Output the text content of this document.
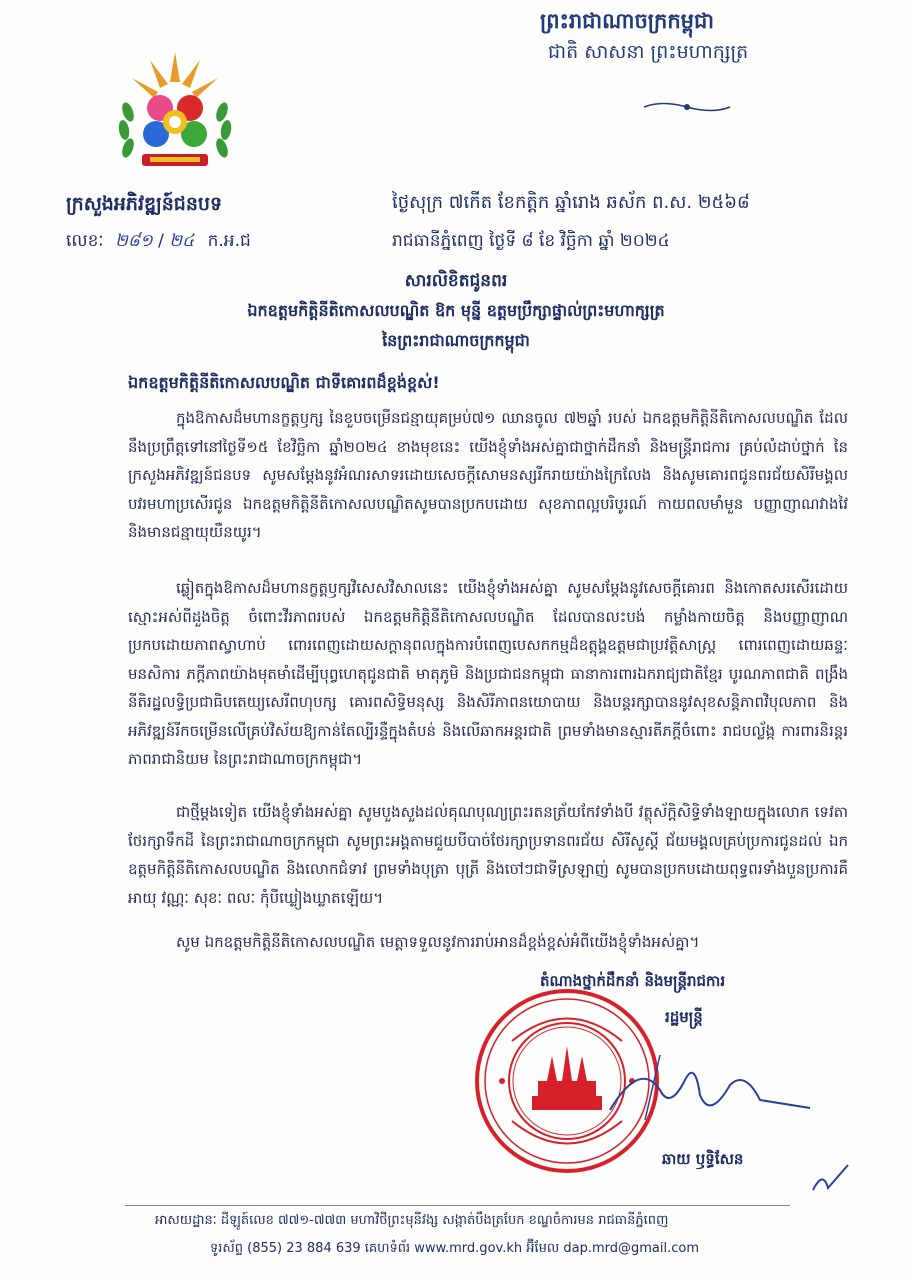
ព្រះរាជាណាចក្រកម្ពុជា
ជាតិ សាសនា ព្រះមហាក្សត្រ
ក្រសួងអភិវឌ្ឍន៍ជនបទ
លេខៈ ២៨១ / ២៤ ក.អ.ជ
ថ្ងៃសុក្រ ៧កើត ខែកត្ដិក ឆ្នាំរោង ឆស័ក ព.ស. ២៥៦៨
រាជធានីភ្នំពេញ ថ្ងៃទី ៨ ខែ វិច្ឆិកា ឆ្នាំ ២០២៤
សារលិខិតជូនពរ
ឯកឧត្តមកិត្តិនីតិកោសលបណ្ឌិត ឱក មុន្នី ឧត្តមប្រឹក្សាផ្ទាល់ព្រះមហាក្សត្រ
នៃព្រះរាជាណាចក្រកម្ពុជា
ឯកឧត្តមកិត្តិនីតិកោសលបណ្ឌិត ជាទីគោរពដ៏ខ្ពង់ខ្ពស់!
ក្នុងឱកាសដ៏មហានក្ខត្តឫក្ស នៃខួបចម្រើនជន្មាយុគម្រប់៧១ ឈានចូល ៧២ឆ្នាំ របស់ ឯកឧត្តមកិត្តិនីតិកោសលបណ្ឌិត ដែលនឹងប្រព្រឹត្តទៅនៅថ្ងៃទី១៥ ខែវិច្ឆិកា ឆ្នាំ២០២៤ ខាងមុខនេះ យើងខ្ញុំទាំងអស់គ្នាជាថ្នាក់ដឹកនាំ និងមន្ត្រីរាជការ គ្រប់លំដាប់ថ្នាក់ នៃក្រសួងអភិវឌ្ឍន៍ជនបទ សូមសម្ដែងនូវអំណរសាទរដោយសេចក្ដីសោមនស្សរីករាយយ៉ាងក្រៃលែង និងសូមគោរពជូនពរជ័យសិរីមង្គល បវរមហាប្រសើរជូន ឯកឧត្តមកិត្តិនីតិកោសលបណ្ឌិតសូមបានប្រកបដោយ សុខភាពល្អបរិបូរណ៍ កាយពលមាំមួន បញ្ញាញាណវាងវៃ និងមានជន្មាយុយឺនយូរ។
ឆ្លៀតក្នុងឱកាសដ៏មហានក្ខត្តឫក្សវិសេសវិសាលនេះ យើងខ្ញុំទាំងអស់គ្នា សូមសម្ដែងនូវសេចក្ដីគោរព និងកោតសរសើរដោយស្មោះអស់ពីដួងចិត្ត ចំពោះវីរភាពរបស់ ឯកឧត្តមកិត្តិនីតិកោសលបណ្ឌិត ដែលបានលះបង់ កម្លាំងកាយចិត្ត និងបញ្ញាញាណ ប្រកបដោយភាពស្វាហាប់ ពោរពេញដោយសក្ដានុពលក្នុងការបំពេញបេសកកម្មដ៏ឧត្ដុង្គឧត្ដមជាប្រវត្តិសាស្ត្រ ពោរពេញដោយឆន្ទៈ មនសិការ ភក្ដីភាពយ៉ាងមុតមាំដើម្បីបុព្វហេតុជូនជាតិ មាតុភូមិ និងប្រជាជនកម្ពុជា ធានាការពារឯករាជ្យជាតិខ្មែរ បូរណភាពជាតិ ពង្រឹងនីតិរដ្ឋលទ្ធិប្រជាធិបតេយ្យសេរីពហុបក្ស គោរពសិទ្ធិមនុស្ស និងសិរីភាពនយោបាយ និងបន្តរក្សាបាននូវសុខសន្តិភាពវិបុលភាព និងអភិវឌ្ឍន៍រីកចម្រើនលើគ្រប់វិស័យឱ្យកាន់តែល្បីរន្ទឺក្នុងតំបន់ និងលើឆាកអន្តរជាតិ ព្រមទាំងមានស្មារតីភក្ដីចំពោះ រាជបល្ល័ង្ក ការពារនិរន្តរភាពរាជានិយម នៃព្រះរាជាណាចក្រកម្ពុជា។
ជាថ្មីម្ដងទៀត យើងខ្ញុំទាំងអស់គ្នា សូមបួងសួងដល់គុណបុណ្យព្រះរតនត្រ័យកែវទាំងបី វត្ថុស័ក្តិសិទ្ធិទាំងឡាយក្នុងលោក ទេវតាថែរក្សាទឹកដី នៃព្រះរាជាណាចក្រកម្ពុជា សូមព្រះអង្គតាមជួយបីបាច់ថែរក្សាប្រទានពរជ័យ សិរីសួស្ដី ជ័យមង្គលគ្រប់ប្រការជូនដល់ ឯកឧត្តមកិត្តិនីតិកោសលបណ្ឌិត និងលោកជំទាវ ព្រមទាំងបុត្រា បុត្រី និងចៅៗជាទីស្រឡាញ់ សូមបានប្រកបដោយពុទ្ធពរទាំងបួនប្រការគឺ អាយុ វណ្ណៈ សុខៈ ពលៈ កុំបីឃ្លៀងឃ្លាតឡើយ។
សូម ឯកឧត្តមកិត្តិនីតិកោសលបណ្ឌិត មេត្តាទទួលនូវការរាប់អានដ៏ខ្ពង់ខ្ពស់អំពីយើងខ្ញុំទាំងអស់គ្នា។
តំណាងថ្នាក់ដឹកនាំ និងមន្ត្រីរាជការ
រដ្ឋមន្ត្រី
ឆាយ ឫទ្ធិសែន
អាសយដ្ឋានៈ ដីឡូត៍លេខ ៧៧១-៧៧៣ មហាវិថីព្រះមុនីវង្ស សង្កាត់បឹងត្របែក ខណ្ឌចំការមន រាជធានីភ្នំពេញ
ទូរស័ព្ទ (855) 23 884 639 គេហទំព័រ www.mrd.gov.kh អ៊ីមែល dap.mrd@gmail.com
